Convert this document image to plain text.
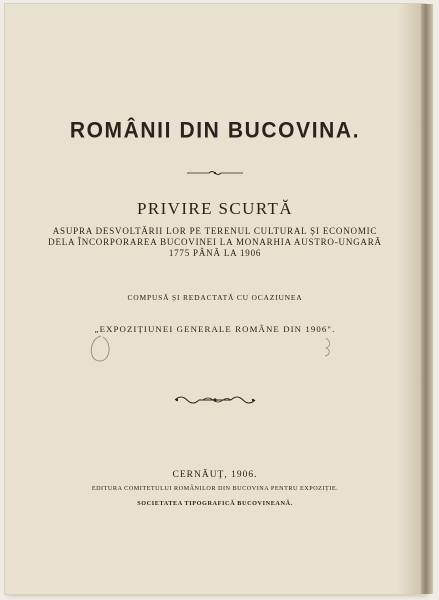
ROMÂNII DIN BUCOVINA.
PRIVIRE SCURTĂ
ASUPRA DESVOLTĂRII LOR PE TERENUL CULTURAL ȘI ECONOMIC
DELA ÎNCORPORAREA BUCOVINEI LA MONARHIA AUSTRO-UNGARĂ
1775 PÂNĂ LA 1906
COMPUSĂ ȘI REDACTATĂ CU OCAZIUNEA
„EXPOZIȚIUNEI GENERALE ROMÂNE DIN 1906".
CERNĂUȚ, 1906.
EDITURA COMITETULUI ROMÂNILOR DIN BUCOVINA PENTRU EXPOZIȚIE.
SOCIETATEA TIPOGRAFICĂ BUCOVINEANĂ.
